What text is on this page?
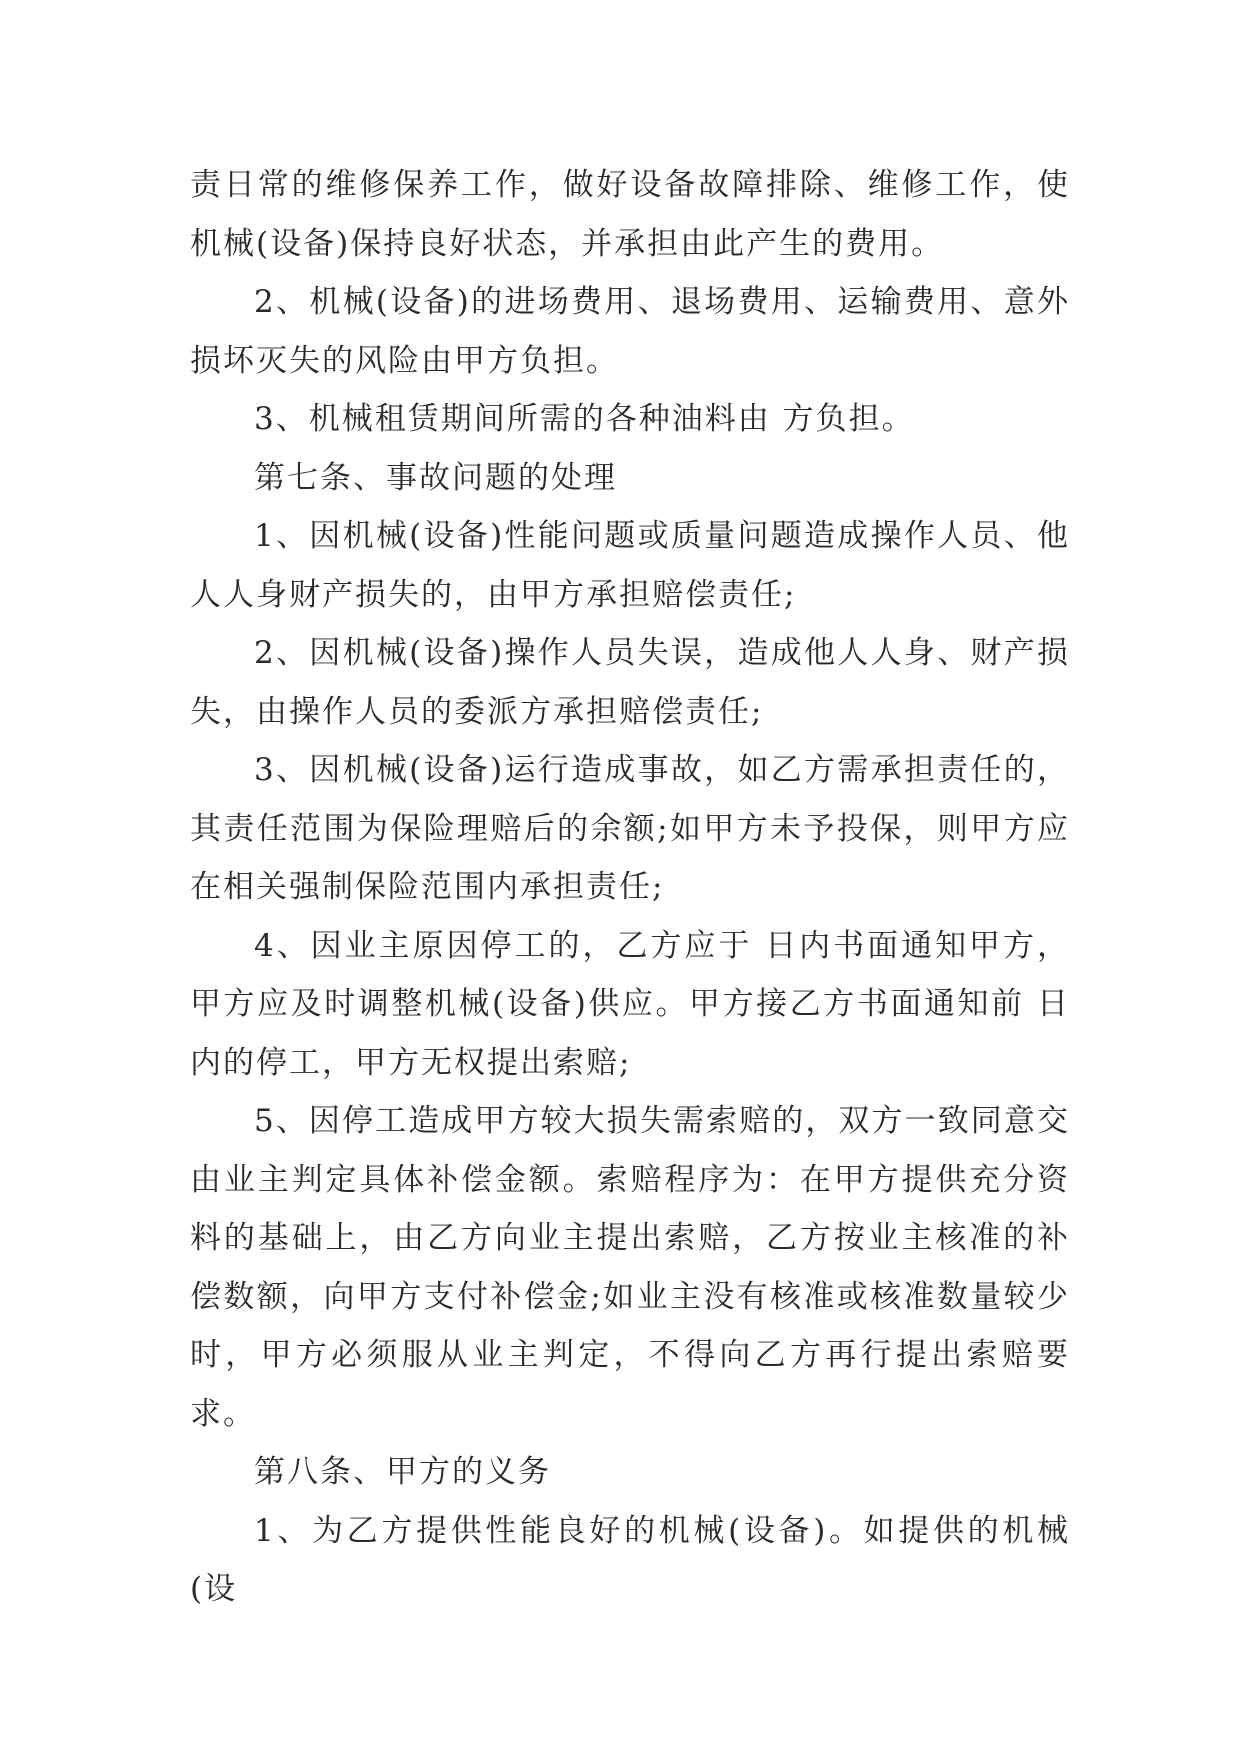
责日常的维修保养工作，做好设备故障排除、维修工作，使机械(设备)保持良好状态，并承担由此产生的费用。

2、机械(设备)的进场费用、退场费用、运输费用、意外损坏灭失的风险由甲方负担。

3、机械租赁期间所需的各种油料由 方负担。

第七条、事故问题的处理

1、因机械(设备)性能问题或质量问题造成操作人员、他人人身财产损失的，由甲方承担赔偿责任;

2、因机械(设备)操作人员失误，造成他人人身、财产损失，由操作人员的委派方承担赔偿责任;

3、因机械(设备)运行造成事故，如乙方需承担责任的，其责任范围为保险理赔后的余额;如甲方未予投保，则甲方应在相关强制保险范围内承担责任;

4、因业主原因停工的，乙方应于 日内书面通知甲方，甲方应及时调整机械(设备)供应。甲方接乙方书面通知前 日内的停工，甲方无权提出索赔;

5、因停工造成甲方较大损失需索赔的，双方一致同意交由业主判定具体补偿金额。索赔程序为：在甲方提供充分资料的基础上，由乙方向业主提出索赔，乙方按业主核准的补偿数额，向甲方支付补偿金;如业主没有核准或核准数量较少时，甲方必须服从业主判定，不得向乙方再行提出索赔要求。

第八条、甲方的义务

1、为乙方提供性能良好的机械(设备)。如提供的机械(设
